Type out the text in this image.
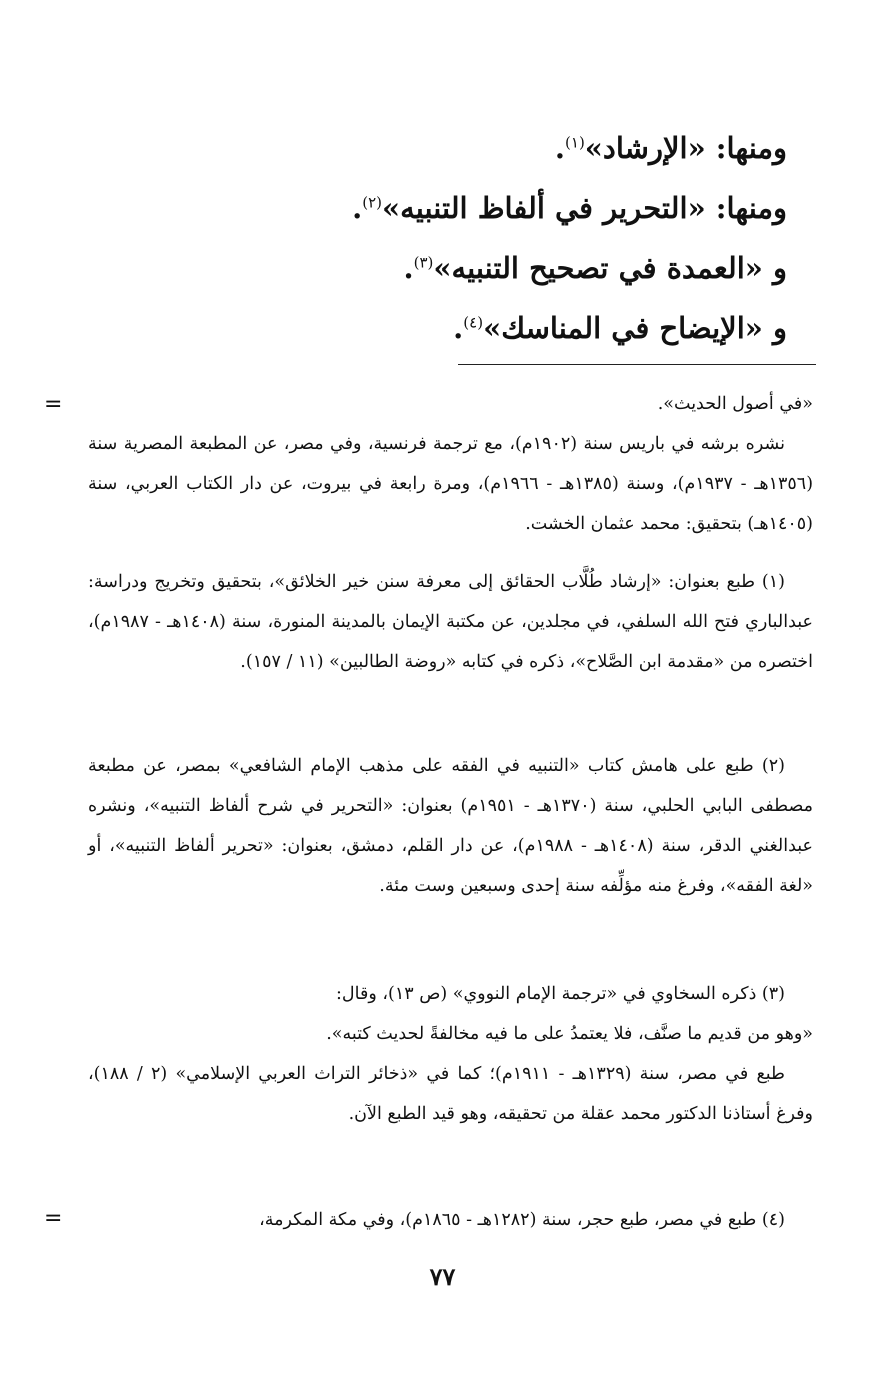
ومنها: «الإرشاد»$^{(١)}$.
ومنها: «التحرير في ألفاظ التنبيه»$^{(٢)}$.
و «العمدة في تصحيح التنبيه»$^{(٣)}$.
و «الإيضاح في المناسك»$^{(٤)}$.
=	«في أصول الحديث».

نشره برشه في باريس سنة (١٩٠٢م)، مع ترجمة فرنسية، وفي مصر، عن المطبعة المصرية سنة (١٣٥٦هـ - ١٩٣٧م)، وسنة (١٣٨٥هـ - ١٩٦٦م)، ومرة رابعة في بيروت، عن دار الكتاب العربي، سنة (١٤٠٥هـ) بتحقيق: محمد عثمان الخشت.

(١) طبع بعنوان: «إرشاد طُلَّاب الحقائق إلى معرفة سنن خير الخلائق»، بتحقيق وتخريج ودراسة: عبدالباري فتح الله السلفي، في مجلدين، عن مكتبة الإيمان بالمدينة المنورة، سنة (١٤٠٨هـ - ١٩٨٧م)، اختصره من «مقدمة ابن الصَّلاح»، ذكره في كتابه «روضة الطالبين» (١١ / ١٥٧).

(٢) طبع على هامش كتاب «التنبيه في الفقه على مذهب الإمام الشافعي» بمصر، عن مطبعة مصطفى البابي الحلبي، سنة (١٣٧٠هـ - ١٩٥١م) بعنوان: «التحرير في شرح ألفاظ التنبيه»، ونشره عبدالغني الدقر، سنة (١٤٠٨هـ - ١٩٨٨م)، عن دار القلم، دمشق، بعنوان: «تحرير ألفاظ التنبيه»، أو «لغة الفقه»، وفرغ منه مؤلِّفه سنة إحدى وسبعين وست مئة.

(٣) ذكره السخاوي في «ترجمة الإمام النووي» (ص ١٣)، وقال:

«وهو من قديم ما صنَّف، فلا يعتمدُ على ما فيه مخالفةً لحديث كتبه».

طبع في مصر، سنة (١٣٢٩هـ - ١٩١١م)؛ كما في «ذخائر التراث العربي الإسلامي» (٢ / ١٨٨)، وفرغ أستاذنا الدكتور محمد عقلة من تحقيقه، وهو قيد الطبع الآن.

(٤) طبع في مصر، طبع حجر، سنة (١٢٨٢هـ - ١٨٦٥م)، وفي مكة المكرمة،

=
٧٧
